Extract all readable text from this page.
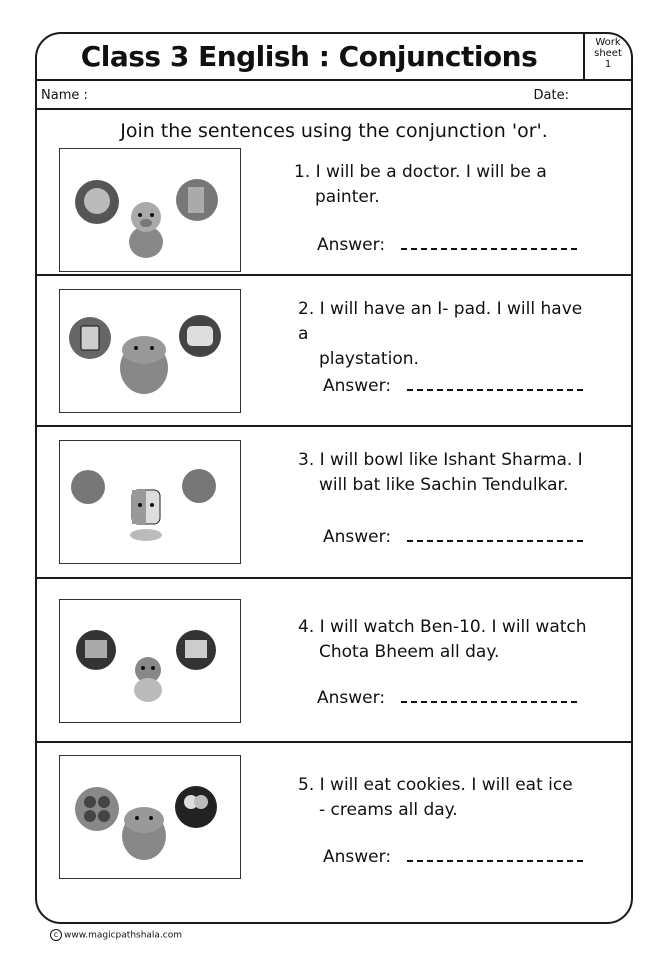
Class 3 English : Conjunctions	Work
sheet
1
Name :	Date:
Join the sentences using the conjunction 'or'.
1. I will be a doctor. I will be a
painter.
Answer:
2. I will have an I- pad. I will have a
playstation.
Answer:
3. I will bowl like Ishant Sharma. I
will bat like Sachin Tendulkar.
Answer:
4. I will watch Ben-10. I will watch
Chota Bheem all day.
Answer:
5. I will eat cookies. I will eat ice
- creams all day.
Answer:
c www.magicpathshala.com
